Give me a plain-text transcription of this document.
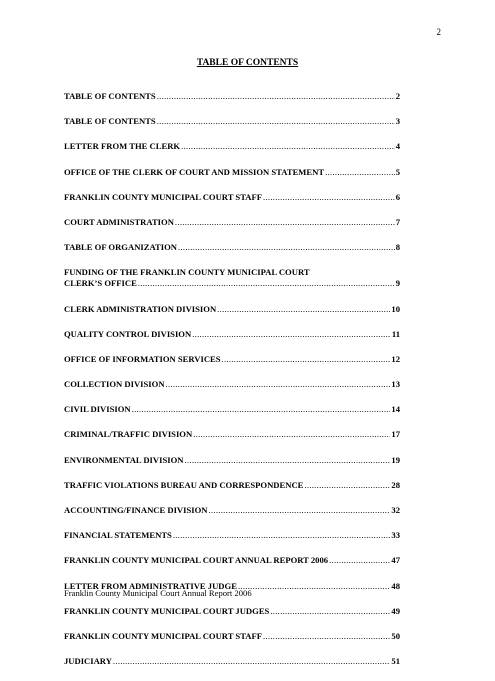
2
TABLE OF CONTENTS
TABLE OF CONTENTS .....	2
TABLE OF CONTENTS .....	3
LETTER FROM THE CLERK .....	4
OFFICE OF THE CLERK OF COURT AND MISSION STATEMENT .....	5
FRANKLIN COUNTY MUNICIPAL COURT STAFF .....	6
COURT ADMINISTRATION .....	7
TABLE OF ORGANIZATION .....	8
FUNDING OF THE FRANKLIN COUNTY MUNICIPAL COURT
CLERK’S OFFICE .....	9
CLERK ADMINISTRATION DIVISION .....	10
QUALITY CONTROL DIVISION .....	11
OFFICE OF INFORMATION SERVICES .....	12
COLLECTION DIVISION .....	13
CIVIL DIVISION .....	14
CRIMINAL/TRAFFIC DIVISION .....	17
ENVIRONMENTAL DIVISION .....	19
TRAFFIC VIOLATIONS BUREAU AND CORRESPONDENCE .....	28
ACCOUNTING/FINANCE DIVISION .....	32
FINANCIAL STATEMENTS .....	33
FRANKLIN COUNTY MUNICIPAL COURT ANNUAL REPORT 2006 .....	47
LETTER FROM ADMINISTRATIVE JUDGE .....	48
FRANKLIN COUNTY MUNICIPAL COURT JUDGES .....	49
FRANKLIN COUNTY MUNICIPAL COURT STAFF .....	50
JUDICIARY .....	51
Franklin County Municipal Court Annual Report 2006
